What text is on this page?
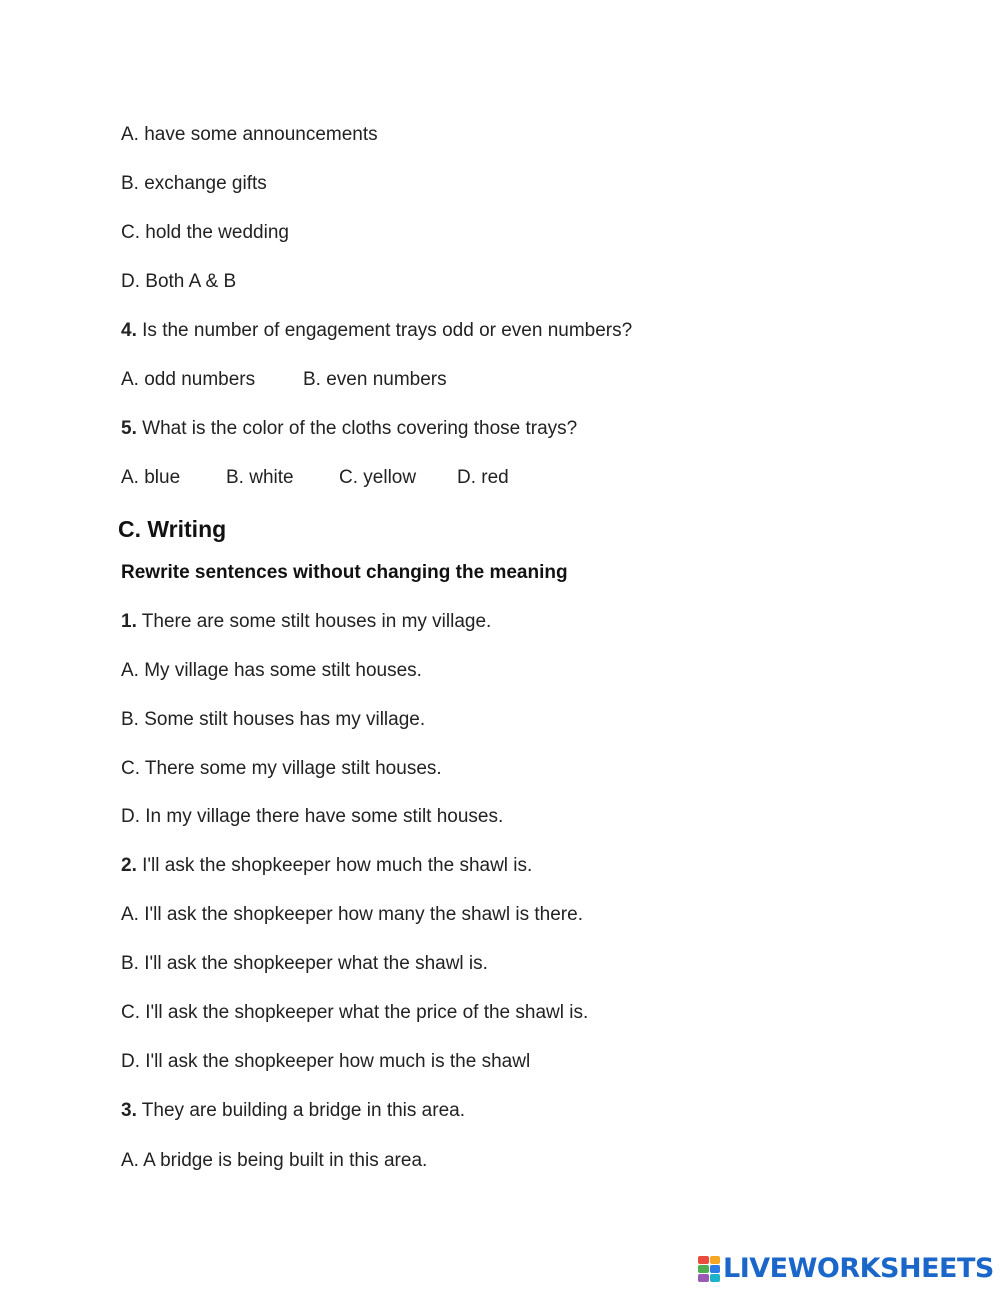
A. have some announcements
B. exchange gifts
C. hold the wedding
D. Both A & B
4. Is the number of engagement trays odd or even numbers?
A. odd numbers	B. even numbers
5. What is the color of the cloths covering those trays?
A. blue B. white C. yellow D. red
C. Writing
Rewrite sentences without changing the meaning
1. There are some stilt houses in my village.
A. My village has some stilt houses.
B. Some stilt houses has my village.
C. There some my village stilt houses.
D. In my village there have some stilt houses.
2. I'll ask the shopkeeper how much the shawl is.
A. I'll ask the shopkeeper how many the shawl is there.
B. I'll ask the shopkeeper what the shawl is.
C. I'll ask the shopkeeper what the price of the shawl is.
D. I'll ask the shopkeeper how much is the shawl
3. They are building a bridge in this area.
A. A bridge is being built in this area.
LIVEWORKSHEETS
